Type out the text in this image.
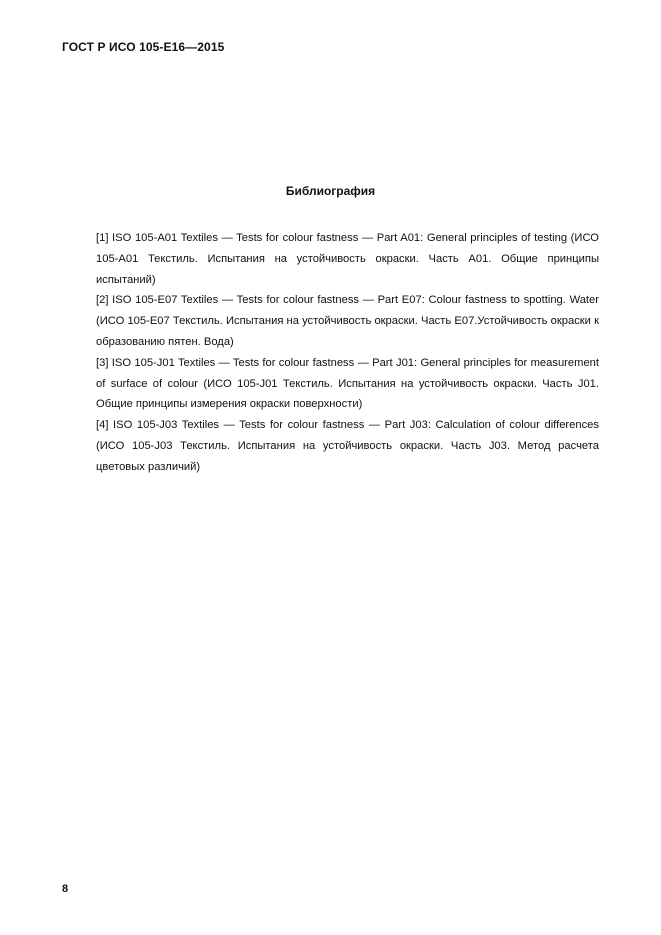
ГОСТ Р ИСО 105-Е16—2015
Библиография

[1] ISO 105-A01 Textiles — Tests for colour fastness — Part A01: General principles of testing (ИСО 105-А01 Текстиль. Испытания на устойчивость окраски. Часть А01. Общие принципы испытаний)

[2] ISO 105-E07 Textiles — Tests for colour fastness — Part E07: Colour fastness to spotting. Water (ИСО 105-Е07 Текстиль. Испытания на устойчивость окраски. Часть Е07.Устойчивость окраски к образованию пятен. Вода)

[3] ISO 105-J01 Textiles — Tests for colour fastness — Part J01: General principles for measurement of surface of colour (ИСО 105-J01 Текстиль. Испытания на устойчивость окраски. Часть J01. Общие принципы измерения окраски поверхности)

[4] ISO 105-J03 Textiles — Tests for colour fastness — Part J03: Calculation of colour differences (ИСО 105-J03 Текстиль. Испытания на устойчивость окраски. Часть J03. Метод расчета цветовых различий)

8
